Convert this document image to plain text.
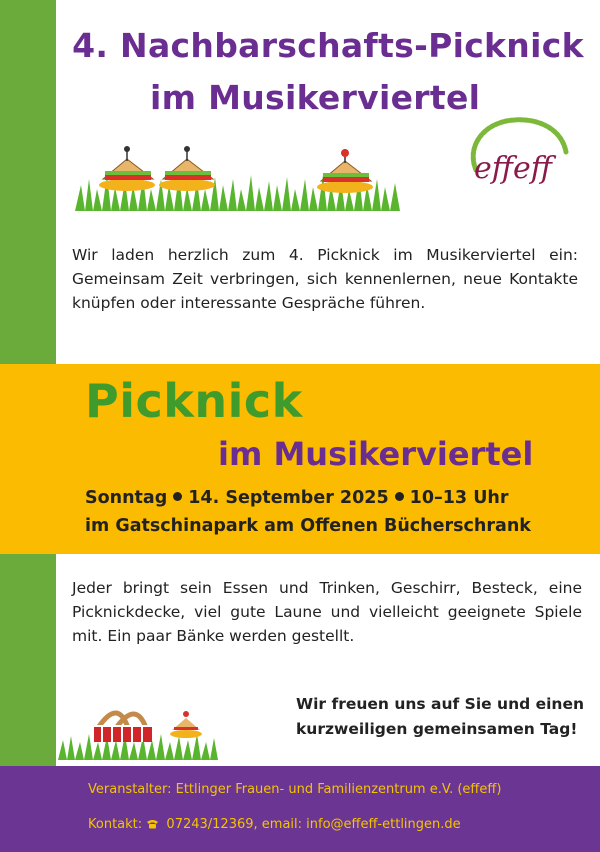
4. Nachbarschafts-Picknick
im Musikerviertel
effeff
Wir laden herzlich zum 4. Picknick im Musikerviertel ein: Gemeinsam Zeit verbringen, sich kennenlernen, neue Kontakte knüpfen oder interessante Gespräche führen.
Picknick
im Musikerviertel
Sonntag 14. September 2025 10–13 Uhr
im Gatschinapark am Offenen Bücherschrank
Jeder bringt sein Essen und Trinken, Geschirr, Besteck, eine Picknickdecke, viel gute Laune und vielleicht geeignete Spiele mit. Ein paar Bänke werden gestellt.
Wir freuen uns auf Sie und einen
kurzweiligen gemeinsamen Tag!
Veranstalter: Ettlinger Frauen- und Familienzentrum e.V. (effeff)
Kontakt: 07243/12369, email: info@effeff-ettlingen.de
